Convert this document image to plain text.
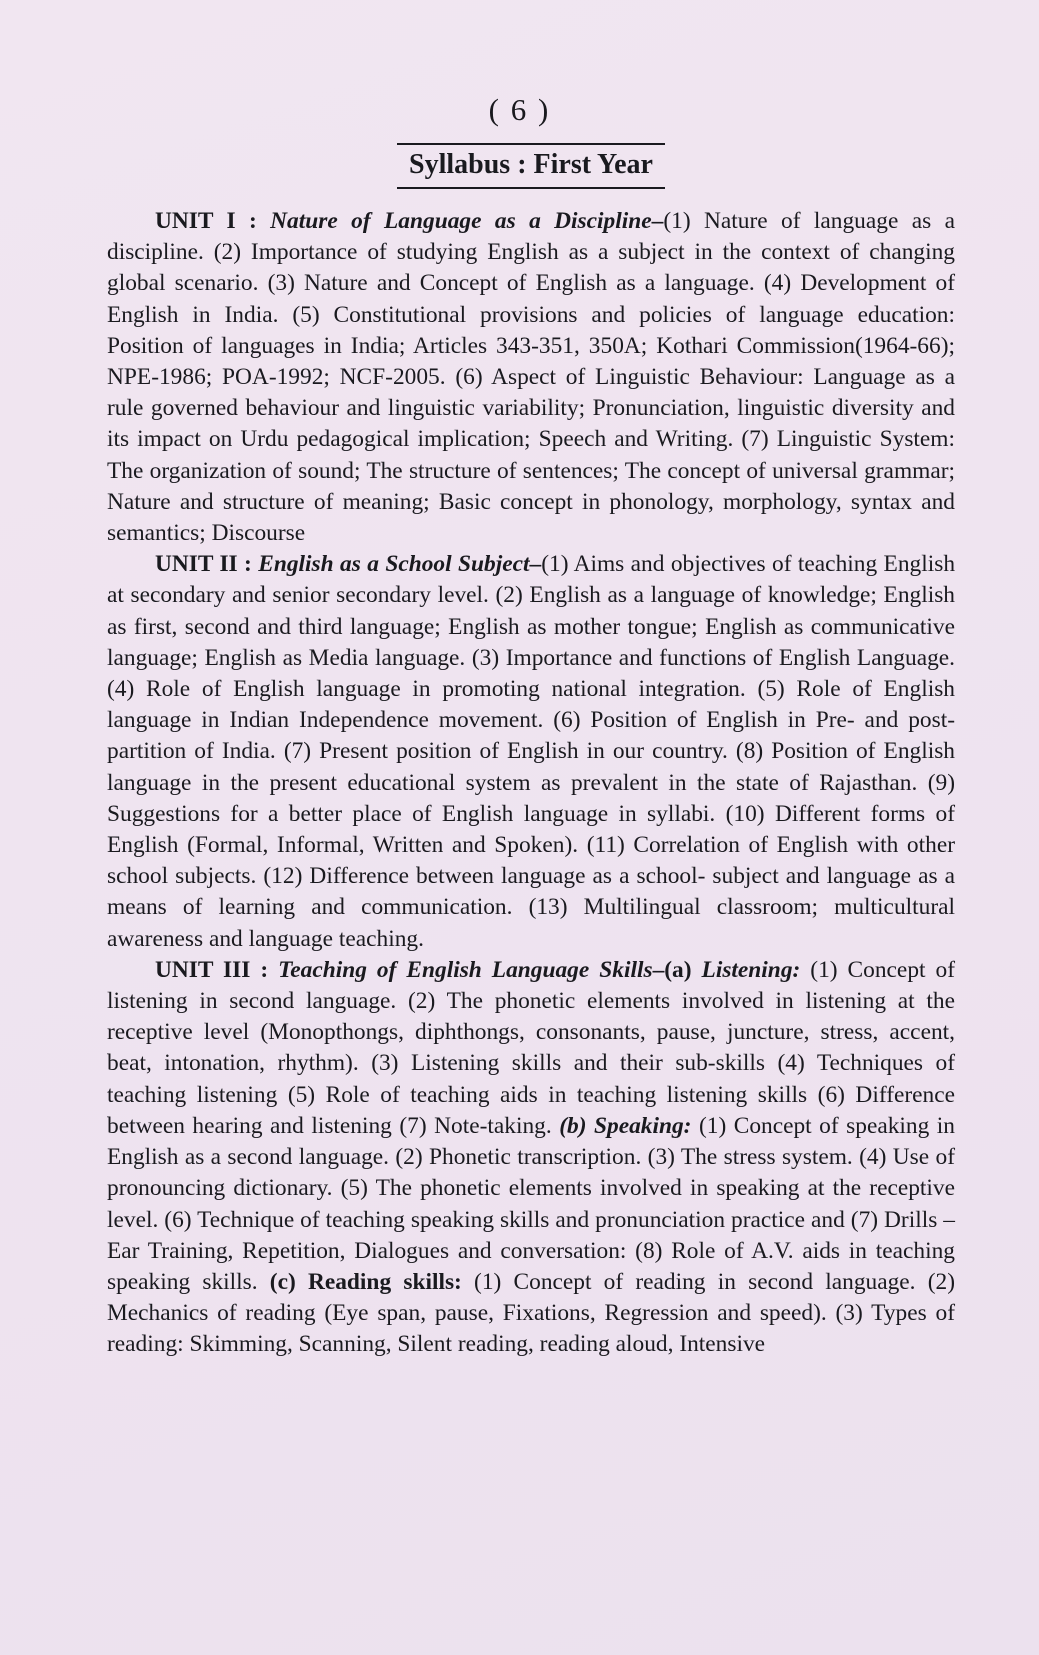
( 6 )
Syllabus : First Year

UNIT I : Nature of Language as a Discipline–(1) Nature of language as a discipline. (2) Importance of studying English as a subject in the context of changing global scenario. (3) Nature and Concept of English as a language. (4) Development of English in India. (5) Constitutional provisions and policies of language education: Position of languages in India; Articles 343-351, 350A; Kothari Commission(1964-66); NPE-1986; POA-1992; NCF-2005. (6) Aspect of Linguistic Behaviour: Language as a rule governed behaviour and linguistic variability; Pronunciation, linguistic diversity and its impact on Urdu pedagogical implication; Speech and Writing. (7) Linguistic System: The organization of sound; The structure of sentences; The concept of universal grammar; Nature and structure of meaning; Basic concept in phonology, morphology, syntax and semantics; Discourse

UNIT II : English as a School Subject–(1) Aims and objectives of teaching English at secondary and senior secondary level. (2) English as a language of knowledge; English as first, second and third language; English as mother tongue; English as communicative language; English as Media language. (3) Importance and functions of English Language. (4) Role of English language in promoting national integration. (5) Role of English language in Indian Independence movement. (6) Position of English in Pre- and post-partition of India. (7) Present position of English in our country. (8) Position of English language in the present educational system as prevalent in the state of Rajasthan. (9) Suggestions for a better place of English language in syllabi. (10) Different forms of English (Formal, Informal, Written and Spoken). (11) Correlation of English with other school subjects. (12) Difference between language as a school- subject and language as a means of learning and communication. (13) Multilingual classroom; multicultural awareness and language teaching.

UNIT III : Teaching of English Language Skills–(a) Listening: (1) Concept of listening in second language. (2) The phonetic elements involved in listening at the receptive level (Monopthongs, diphthongs, consonants, pause, juncture, stress, accent, beat, intonation, rhythm). (3) Listening skills and their sub-skills (4) Techniques of teaching listening (5) Role of teaching aids in teaching listening skills (6) Difference between hearing and listening (7) Note-taking. (b) Speaking: (1) Concept of speaking in English as a second language. (2) Phonetic transcription. (3) The stress system. (4) Use of pronouncing dictionary. (5) The phonetic elements involved in speaking at the receptive level. (6) Technique of teaching speaking skills and pronunciation practice and (7) Drills – Ear Training, Repetition, Dialogues and conversation: (8) Role of A.V. aids in teaching speaking skills. (c) Reading skills: (1) Concept of reading in second language. (2) Mechanics of reading (Eye span, pause, Fixations, Regression and speed). (3) Types of reading: Skimming, Scanning, Silent reading, reading aloud, Intensive
